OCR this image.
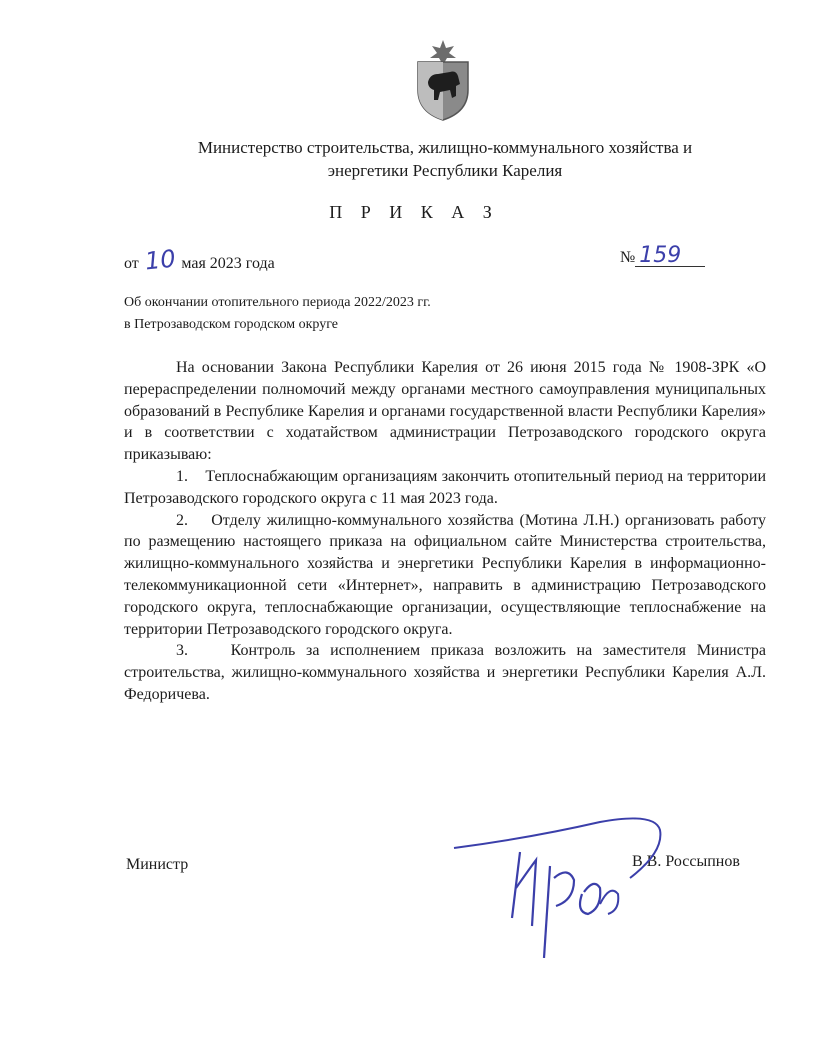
Министерство строительства, жилищно-коммунального хозяйства и
энергетики Республики Карелия
П Р И К А З
от 10 мая 2023 года	№ 159
Об окончании отопительного периода 2022/2023 гг.
в Петрозаводском городском округе

На основании Закона Республики Карелия от 26 июня 2015 года № 1908-ЗРК «О перераспределении полномочий между органами местного самоуправления муниципальных образований в Республике Карелия и органами государственной власти Республики Карелия» и в соответствии с ходатайством администрации Петрозаводского городского округа приказываю:

1.    Теплоснабжающим организациям закончить отопительный период на территории Петрозаводского городского округа с 11 мая 2023 года.

2.    Отделу жилищно-коммунального хозяйства (Мотина Л.Н.) организовать работу по размещению настоящего приказа на официальном сайте Министерства строительства, жилищно-коммунального хозяйства и энергетики Республики Карелия в информационно-телекоммуникационной сети «Интернет», направить в администрацию Петрозаводского городского округа, теплоснабжающие организации, осуществляющие теплоснабжение на территории Петрозаводского городского округа.

3.    Контроль за исполнением приказа возложить на заместителя Министра строительства, жилищно-коммунального хозяйства и энергетики Республики Карелия А.Л. Федоричева.

Министр	В.В. Россыпнов
